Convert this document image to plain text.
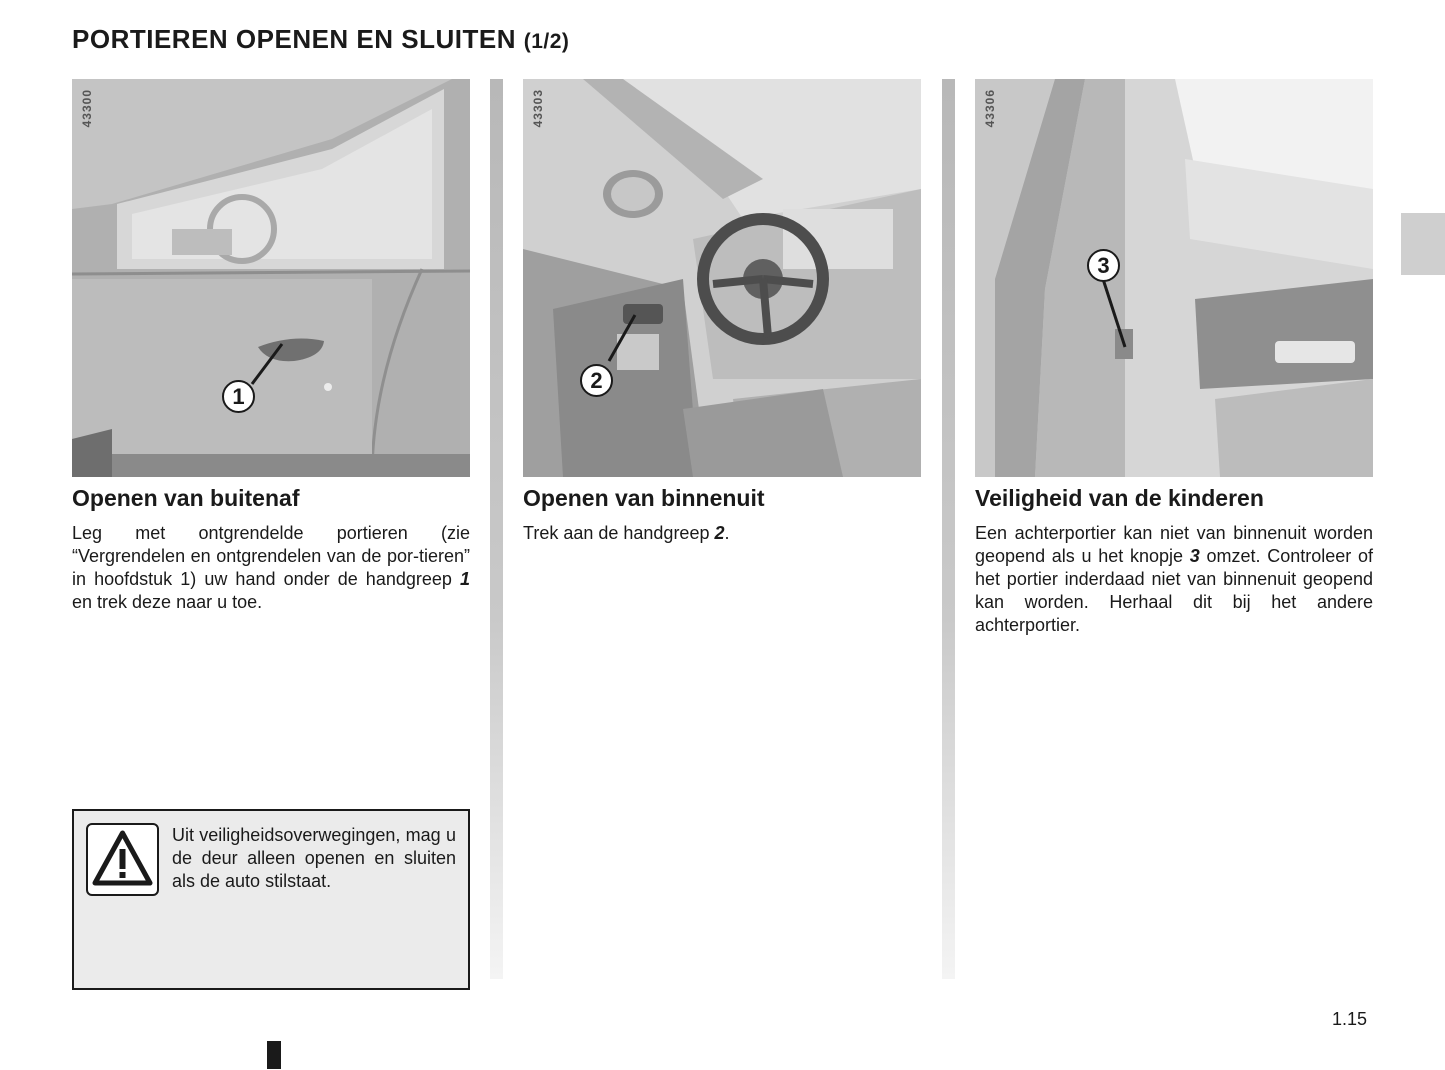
PORTIEREN OPENEN EN SLUITEN (1/2)
43300
1
Openen van buitenaf

Leg met ontgrendelde portieren (zie “Vergrendelen en ontgrendelen van de por-tieren” in hoofdstuk 1) uw hand onder de handgreep 1 en trek deze naar u toe.

43303
2
Openen van binnenuit

Trek aan de handgreep 2.

43306
3
Veiligheid van de kinderen

Een achterportier kan niet van binnenuit worden geopend als u het knopje 3 omzet. Controleer of het portier inderdaad niet van binnenuit geopend kan worden. Herhaal dit bij het andere achterportier.

Uit veiligheidsoverwegingen, mag u de deur alleen openen en sluiten als de auto stilstaat.

1.15
